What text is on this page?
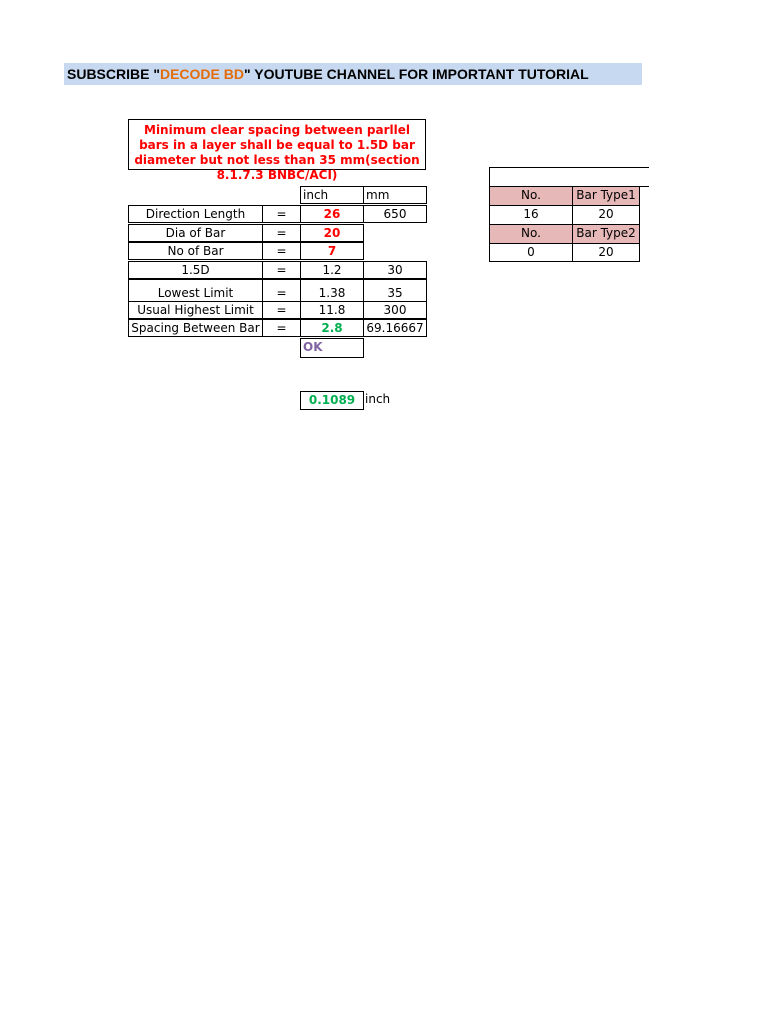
SUBSCRIBE "DECODE BD" YOUTUBE CHANNEL FOR IMPORTANT TUTORIAL
Minimum clear spacing between parllel bars in a layer shall be equal to 1.5D bar diameter but not less than 35 mm(section 8.1.7.3 BNBC/ACI)
inch	mm
Direction Length	=	26	650
Dia of Bar	=	20
No of Bar	=	7
1.5D	=	1.2	30
Lowest Limit	=	1.38	35
Usual Highest Limit	=	11.8	300
Spacing Between Bar	=	2.8	69.16667
OK
0.1089 inch
No.	Bar Type1
16	20
No.	Bar Type2
0	20
